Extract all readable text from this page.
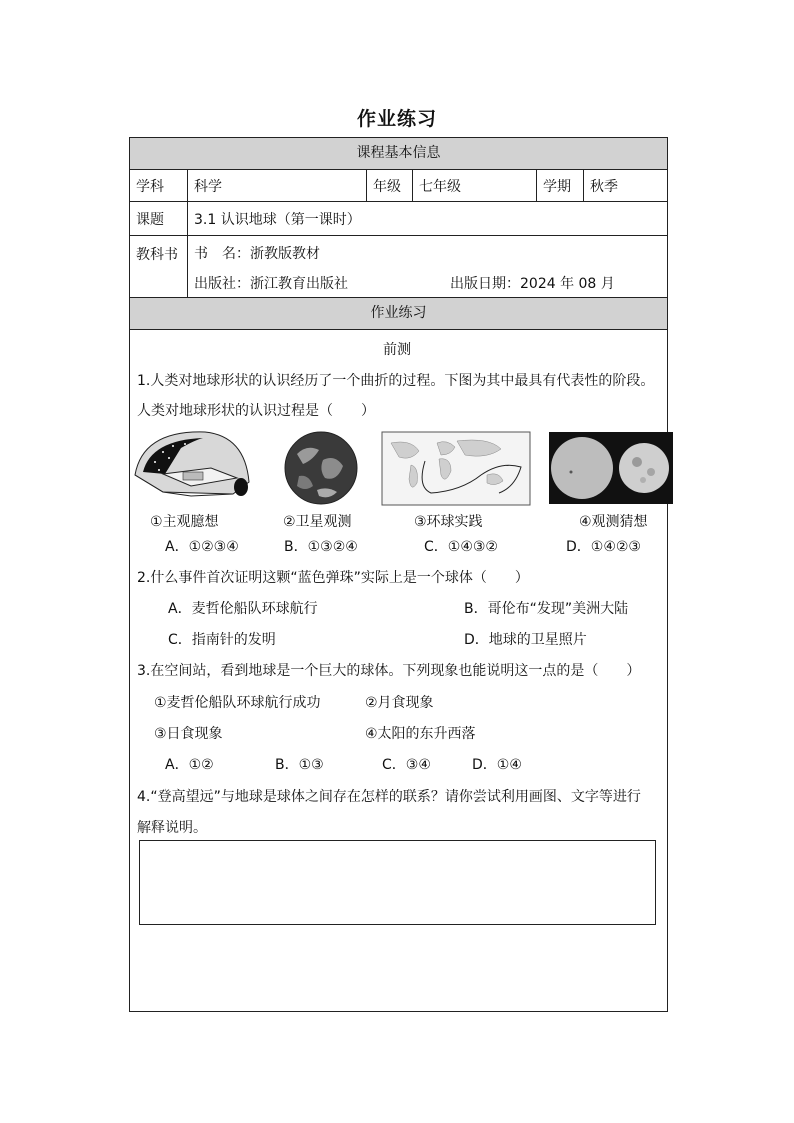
作业练习
课程基本信息
学科	科学	年级	七年级	学期	秋季
课题	3.1 认识地球（第一课时）
教科书	书　名：浙教版教材
出版社：浙江教育出版社	出版日期：2024 年 08 月
作业练习
前测
1.人类对地球形状的认识经历了一个曲折的过程。下图为其中最具有代表性的阶段。
人类对地球形状的认识过程是（　　）
①主观臆想	②卫星观测	③环球实践	④观测猜想
A．①②③④	B．①③②④	C．①④③②	D．①④②③
2.什么事件首次证明这颗“蓝色弹珠”实际上是一个球体（　　）
A．麦哲伦船队环球航行	B．哥伦布“发现”美洲大陆
C．指南针的发明	D．地球的卫星照片
3.在空间站，看到地球是一个巨大的球体。下列现象也能说明这一点的是（　　）
①麦哲伦船队环球航行成功	②月食现象
③日食现象	④太阳的东升西落
A．①②	B．①③	C．③④	D．①④
4.“登高望远”与地球是球体之间存在怎样的联系？请你尝试利用画图、文字等进行
解释说明。
